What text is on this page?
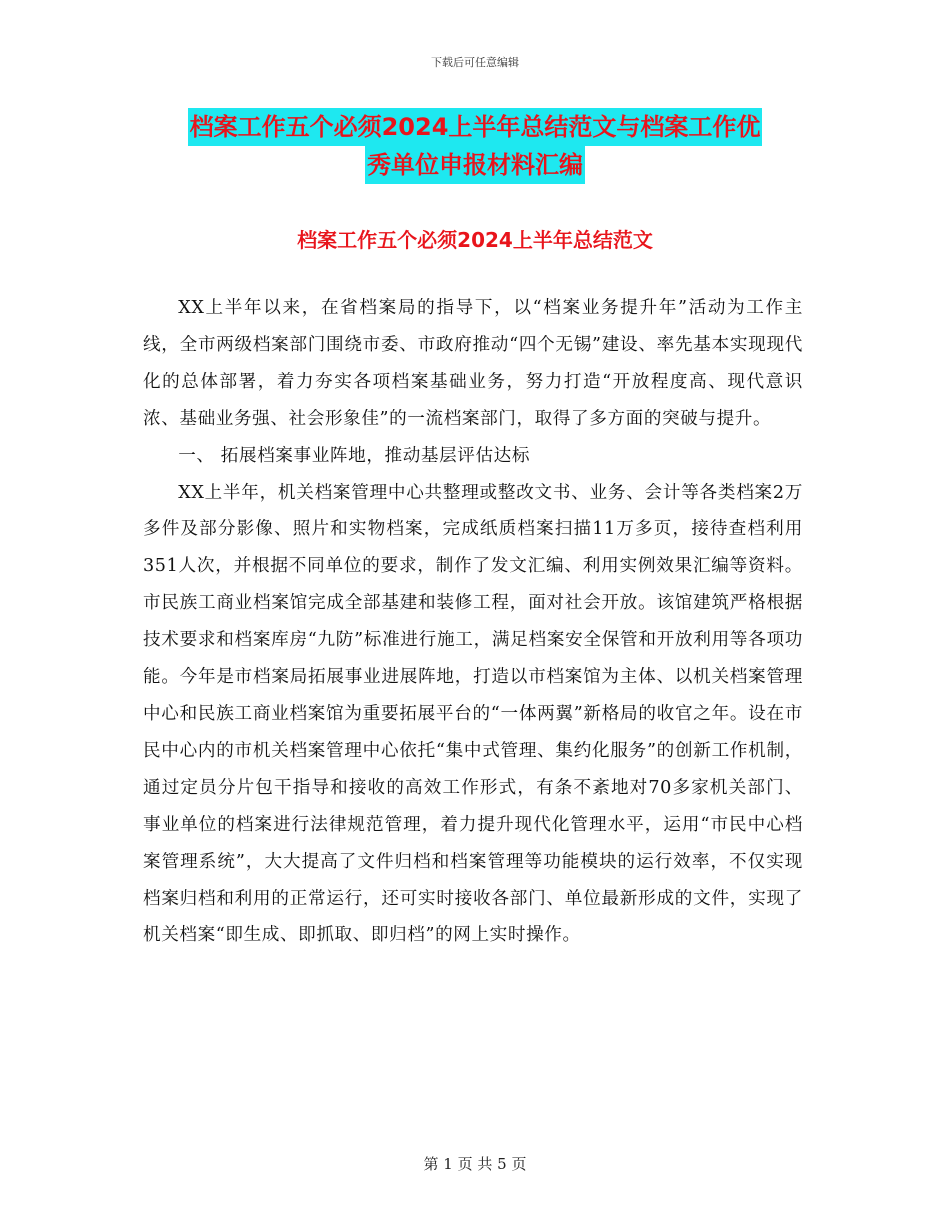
下载后可任意编辑
档案工作五个必须2024上半年总结范文与档案工作优
秀单位申报材料汇编
档案工作五个必须2024上半年总结范文

XX上半年以来，在省档案局的指导下，以“档案业务提升年”活动为工作主线，全市两级档案部门围绕市委、市政府推动“四个无锡”建设、率先基本实现现代化的总体部署，着力夯实各项档案基础业务，努力打造“开放程度高、现代意识浓、基础业务强、社会形象佳”的一流档案部门，取得了多方面的突破与提升。

一、 拓展档案事业阵地，推动基层评估达标

XX上半年，机关档案管理中心共整理或整改文书、业务、会计等各类档案2万多件及部分影像、照片和实物档案，完成纸质档案扫描11万多页，接待查档利用351人次，并根据不同单位的要求，制作了发文汇编、利用实例效果汇编等资料。市民族工商业档案馆完成全部基建和装修工程，面对社会开放。该馆建筑严格根据技术要求和档案库房“九防”标准进行施工，满足档案安全保管和开放利用等各项功能。今年是市档案局拓展事业进展阵地，打造以市档案馆为主体、以机关档案管理中心和民族工商业档案馆为重要拓展平台的“一体两翼”新格局的收官之年。设在市民中心内的市机关档案管理中心依托“集中式管理、集约化服务”的创新工作机制，通过定员分片包干指导和接收的高效工作形式，有条不紊地对70多家机关部门、事业单位的档案进行法律规范管理，着力提升现代化管理水平，运用“市民中心档案管理系统”，大大提高了文件归档和档案管理等功能模块的运行效率，不仅实现档案归档和利用的正常运行，还可实时接收各部门、单位最新形成的文件，实现了机关档案“即生成、即抓取、即归档”的网上实时操作。

第 1 页 共 5 页
